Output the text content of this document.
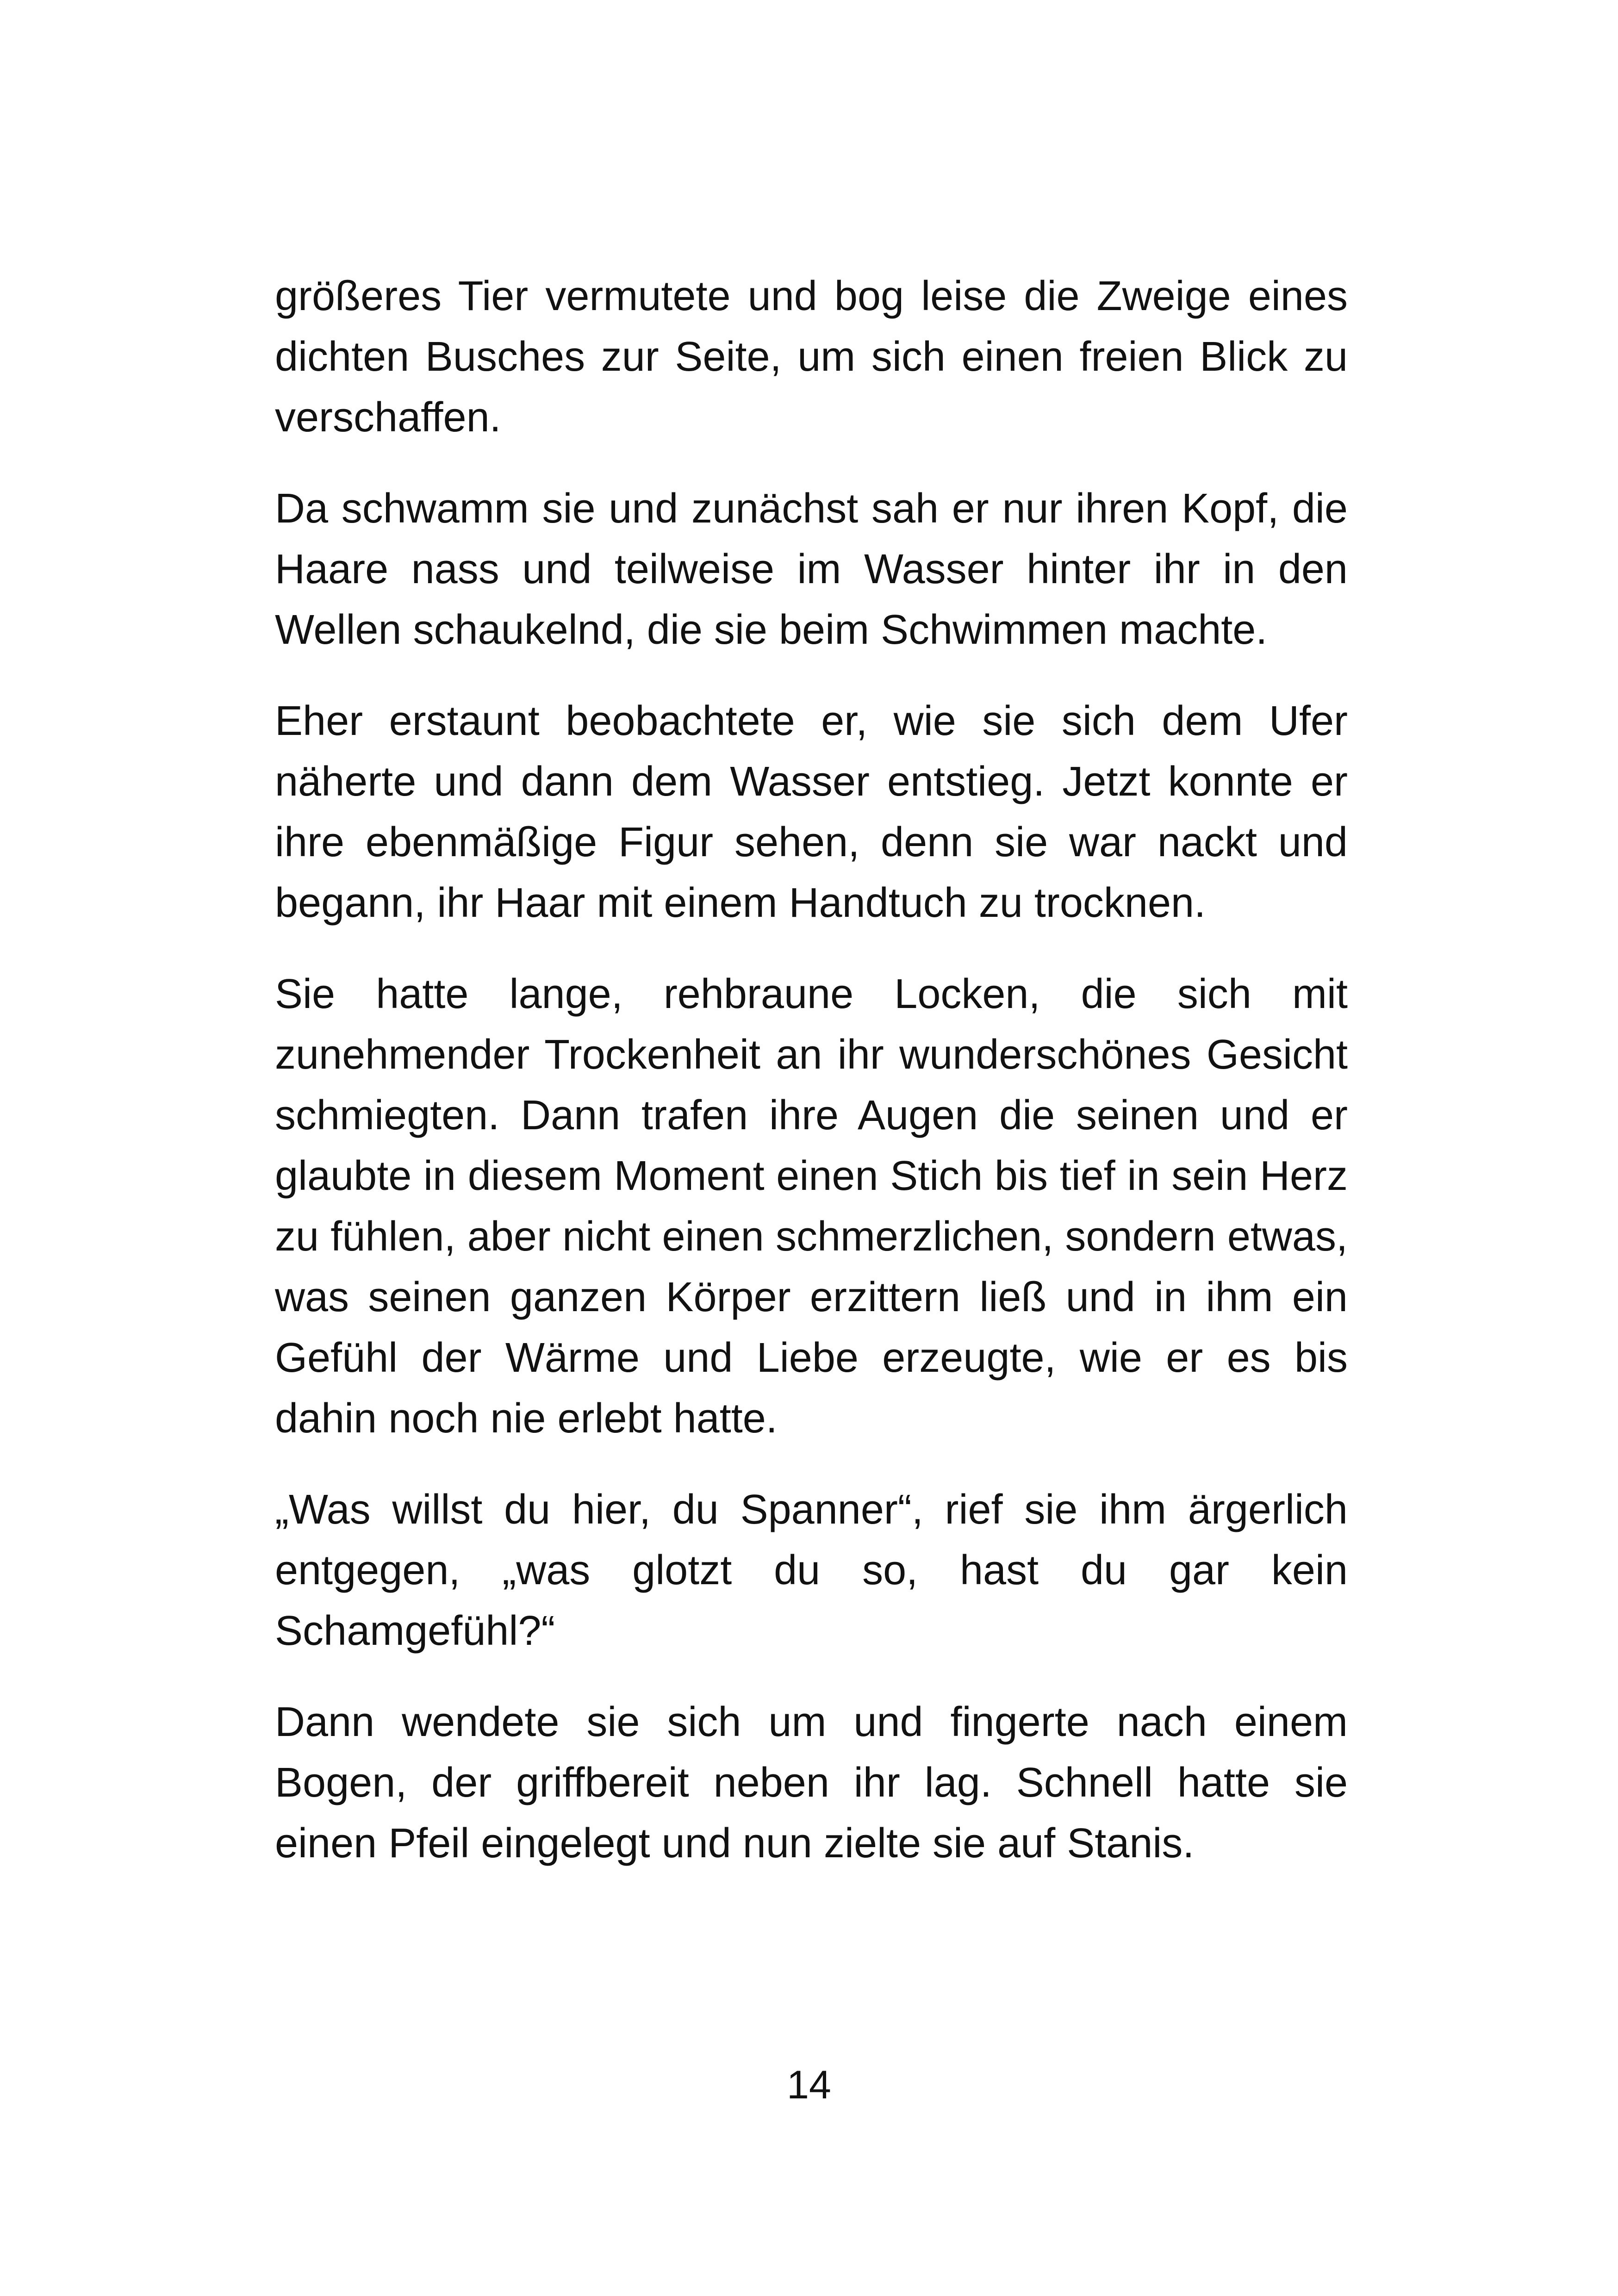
größeres Tier vermutete und bog leise die Zweige eines dichten Busches zur Seite, um sich einen freien Blick zu verschaffen.

Da schwamm sie und zunächst sah er nur ihren Kopf, die Haare nass und teilweise im Wasser hinter ihr in den Wellen schaukelnd, die sie beim Schwimmen machte.

Eher erstaunt beobachtete er, wie sie sich dem Ufer näherte und dann dem Wasser entstieg. Jetzt konnte er ihre ebenmäßige Figur sehen, denn sie war nackt und begann, ihr Haar mit einem Handtuch zu trocknen.

Sie hatte lange, rehbraune Locken, die sich mit zunehmender Trockenheit an ihr wunderschönes Gesicht schmiegten. Dann trafen ihre Augen die seinen und er glaubte in diesem Moment einen Stich bis tief in sein Herz zu fühlen, aber nicht einen schmerzlichen, sondern etwas, was seinen ganzen Körper erzittern ließ und in ihm ein Gefühl der Wärme und Liebe erzeugte, wie er es bis dahin noch nie erlebt hatte.

„Was willst du hier, du Spanner“, rief sie ihm ärgerlich entgegen, „was glotzt du so, hast du gar kein Schamgefühl?“

Dann wendete sie sich um und fingerte nach einem Bogen, der griffbereit neben ihr lag. Schnell hatte sie einen Pfeil eingelegt und nun zielte sie auf Stanis.

14
